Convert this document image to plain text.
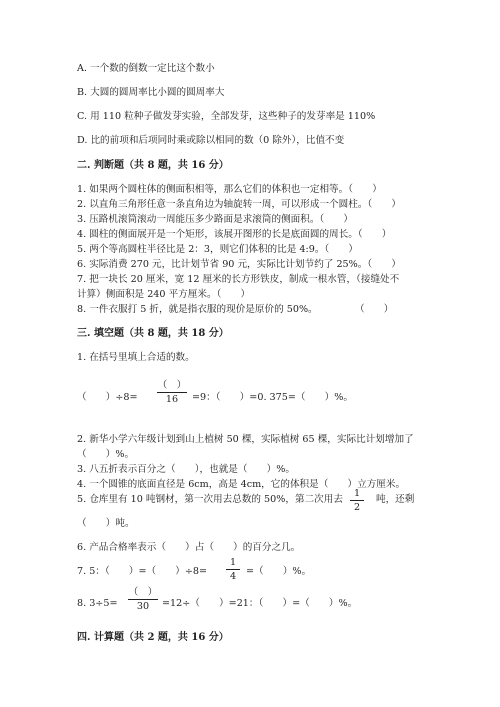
A. 一个数的倒数一定比这个数小
B. 大圆的圆周率比小圆的圆周率大
C. 用 110 粒种子做发芽实验，全部发芽，这些种子的发芽率是 110%
D. 比的前项和后项同时乘或除以相同的数（0 除外），比值不变
二. 判断题（共 8 题，共 16 分）
1. 如果两个圆柱体的侧面积相等，那么它们的体积也一定相等。（　　）
2. 以直角三角形任意一条直角边为轴旋转一周，可以形成一个圆柱。（　　）
3. 压路机滚筒滚动一周能压多少路面是求滚筒的侧面积。（　　）
4. 圆柱的侧面展开是一个矩形，该展开图形的长是底面圆的周长。（　　）
5. 两个等高圆柱半径比是 2：3，则它们体积的比是 4:9。（　　）
6. 实际消费 270 元，比计划节省 90 元，实际比计划节约了 25%。（　　）
7. 把一块长 20 厘米，宽 12 厘米的长方形铁皮，制成一根水管，（接缝处不
计算）侧面积是 240 平方厘米。（　　）
8. 一件衣服打 5 折，就是指衣服的现价是原价的 50%。	（　　）
三. 填空题（共 8 题，共 18 分）
1. 在括号里填上合适的数。
（　　）÷8=
（　）
16	=9：（　　）=0. 375=（　　）%。
2. 新华小学六年级计划到山上植树 50 棵，实际植树 65 棵，实际比计划增加了
（　　）%。
3. 八五折表示百分之（　　），也就是（　　）%。
4. 一个圆锥的底面直径是 6cm，高是 4cm，它的体积是（　　）立方厘米。
5. 仓库里有 10 吨钢材，第一次用去总数的 50%，第二次用去
1
2
吨，还剩
（　　）吨。
6. 产品合格率表示（　　）占（　　）的百分之几。
7. 5：（　　）=（　　）÷8=
1
4	=（　　）%。
8. 3÷5=
（　）
30	=12÷（　　）=21：（　　）=（　　）%。
四. 计算题（共 2 题，共 16 分）
